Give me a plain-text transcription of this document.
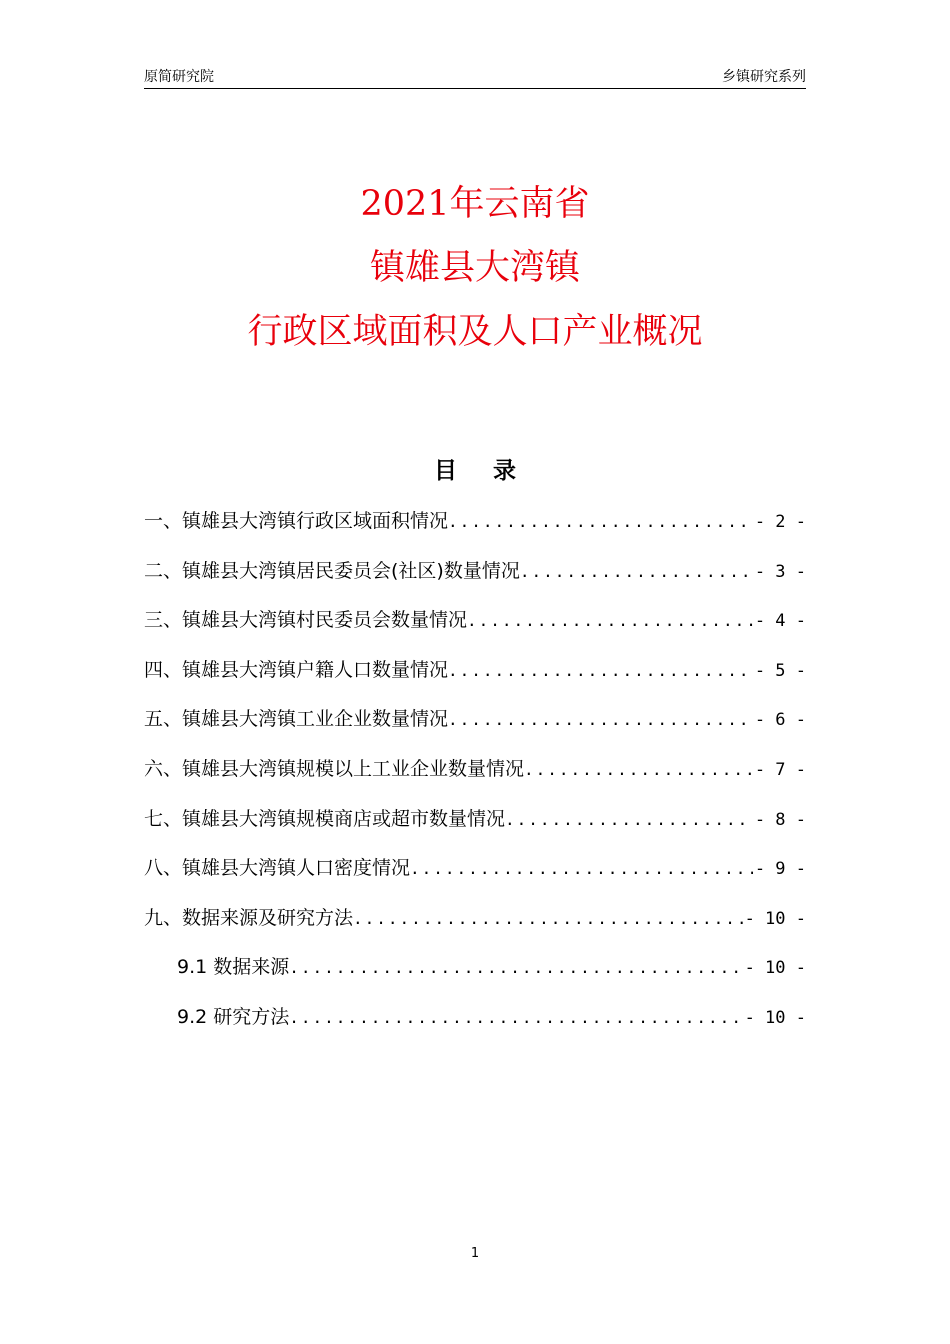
原简研究院	乡镇研究系列
2021年云南省
镇雄县大湾镇
行政区域面积及人口产业概况
目 录
一、镇雄县大湾镇行政区域面积情况 .....	- 2 -
二、镇雄县大湾镇居民委员会(社区)数量情况 .....	- 3 -
三、镇雄县大湾镇村民委员会数量情况 .....	- 4 -
四、镇雄县大湾镇户籍人口数量情况 .....	- 5 -
五、镇雄县大湾镇工业企业数量情况 .....	- 6 -
六、镇雄县大湾镇规模以上工业企业数量情况 .....	- 7 -
七、镇雄县大湾镇规模商店或超市数量情况 .....	- 8 -
八、镇雄县大湾镇人口密度情况 .....	- 9 -
九、数据来源及研究方法 .....	- 10 -
9.1 数据来源 .....	- 10 -
9.2 研究方法 .....	- 10 -
1
